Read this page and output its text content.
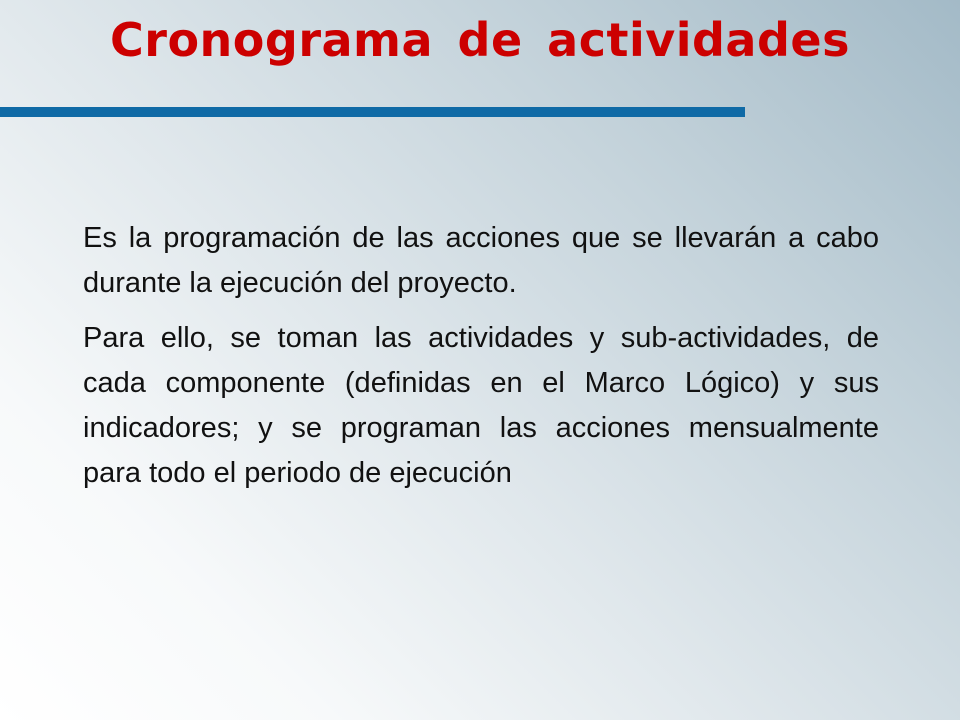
Cronograma de actividades

Es la programación de las acciones que se llevarán a cabo durante la ejecución del proyecto.

Para ello, se toman las actividades y sub-actividades, de cada componente (definidas en el Marco Lógico) y sus indicadores; y se programan las acciones mensualmente para todo el periodo de ejecución
